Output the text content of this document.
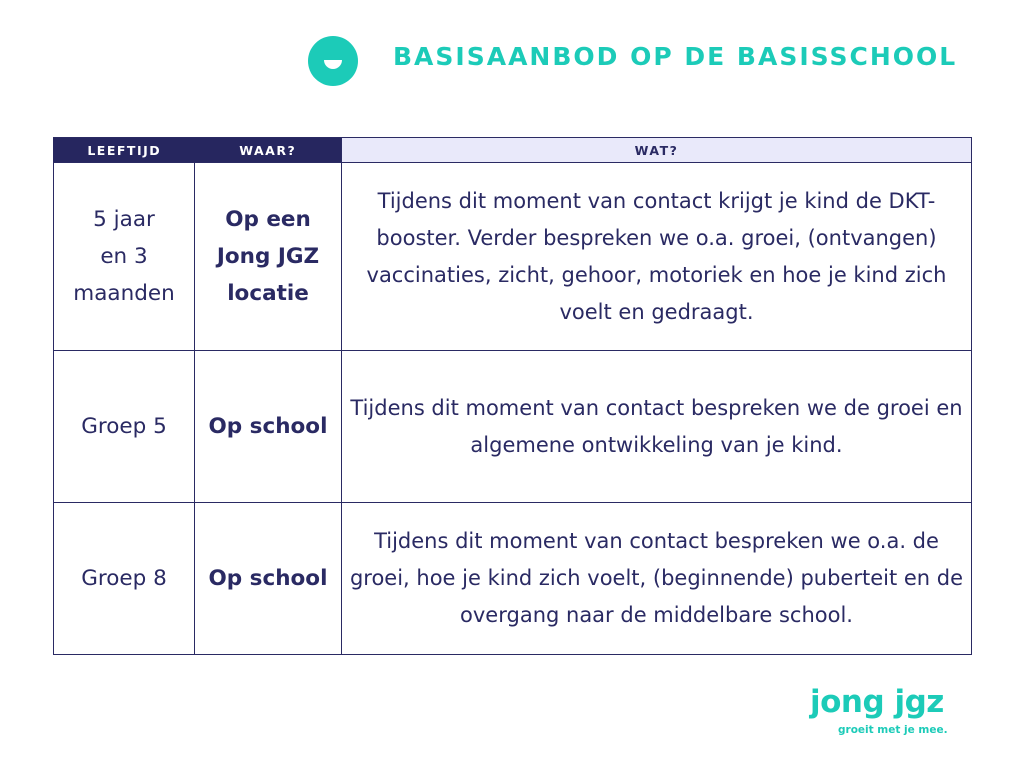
BASISAANBOD OP DE BASISSCHOOL
LEEFTIJD	WAAR?	WAT?

5 jaar
en 3
maanden	Op een Jong JGZ locatie	Tijdens dit moment van contact krijgt je kind de DKT-booster. Verder bespreken we o.a. groei, (ontvangen) vaccinaties, zicht, gehoor, motoriek en hoe je kind zich voelt en gedraagt.

Groep 5	Op school	Tijdens dit moment van contact bespreken we de groei en algemene ontwikkeling van je kind.

Groep 8	Op school	Tijdens dit moment van contact bespreken we o.a. de groei, hoe je kind zich voelt, (beginnende) puberteit en de overgang naar de middelbare school.
jong jgz
groeit met je mee.
